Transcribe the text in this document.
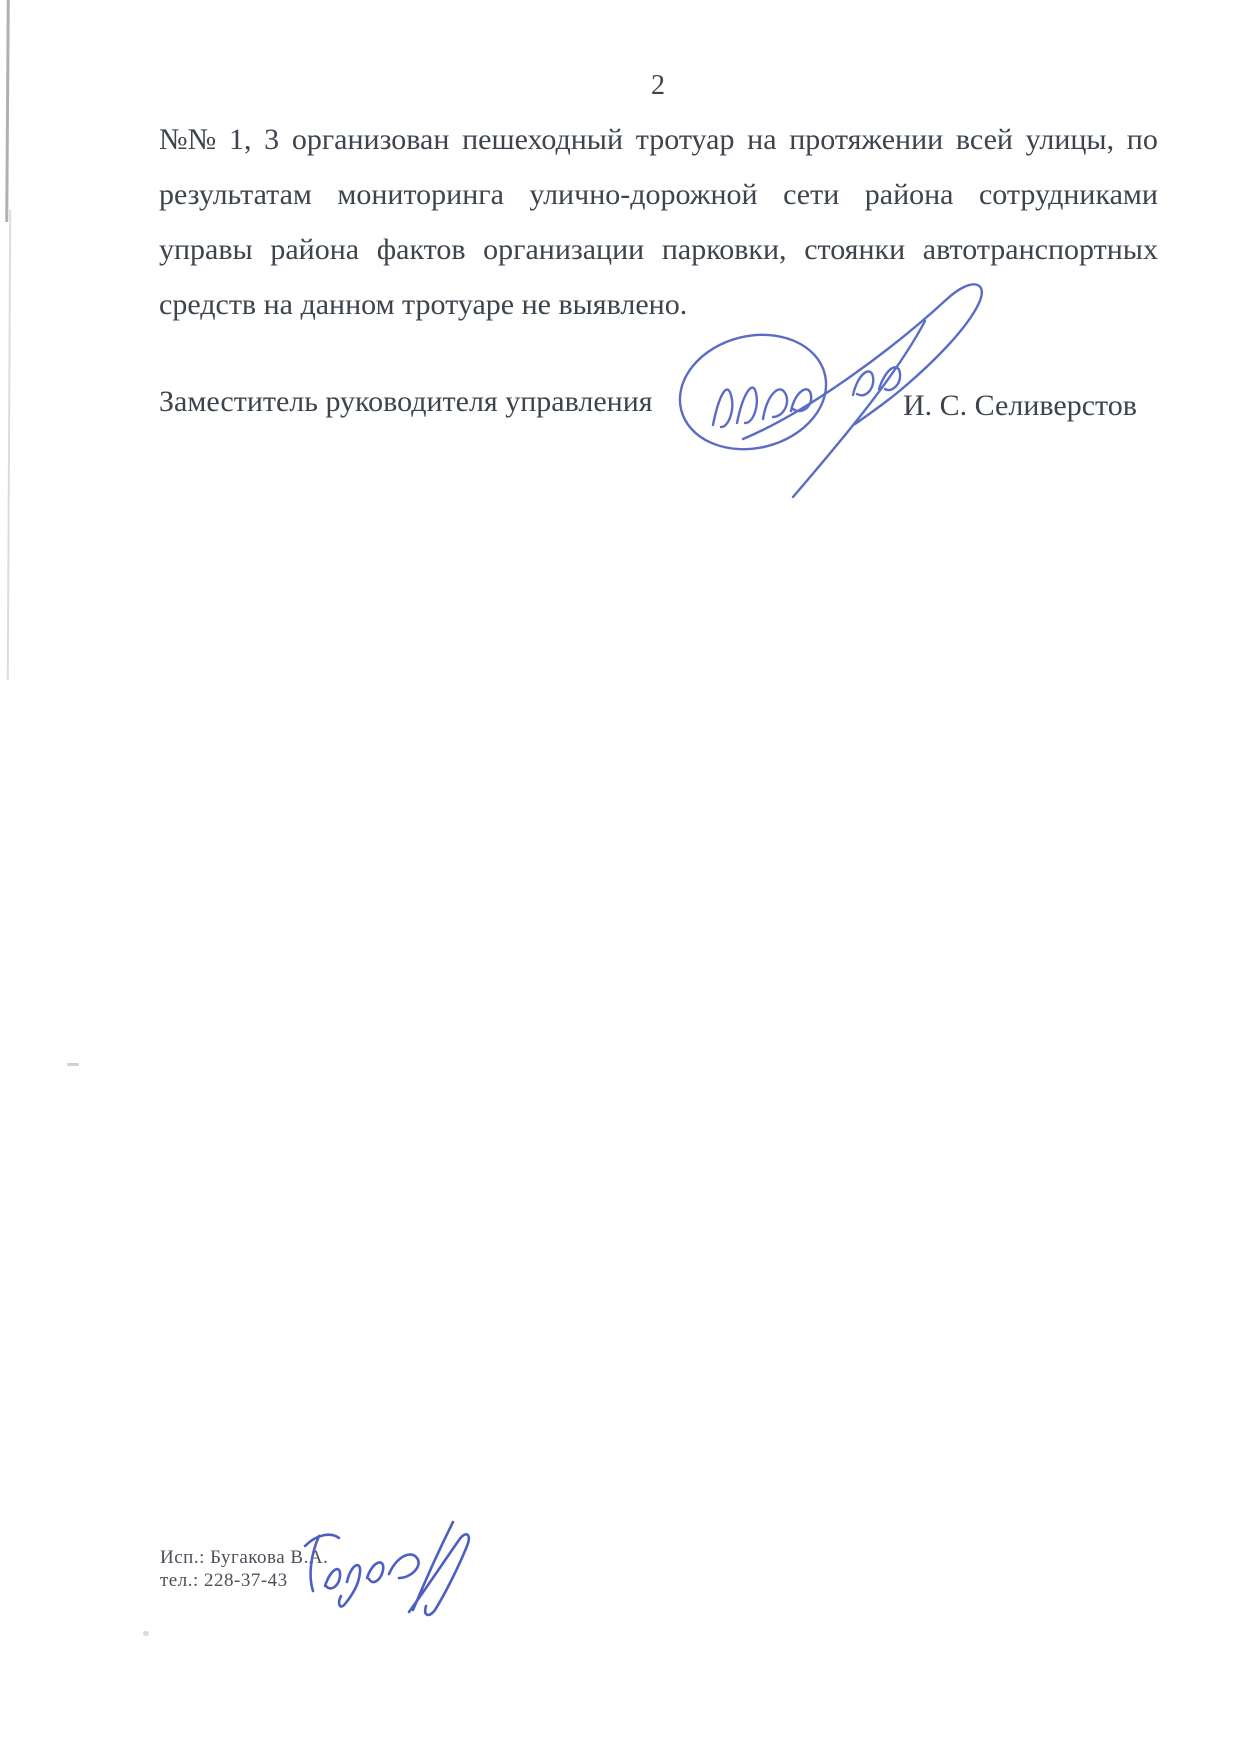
2
№№ 1, 3 организован пешеходный тротуар на протяжении всей улицы, по
результатам мониторинга улично-дорожной сети района сотрудниками
управы района фактов организации парковки, стоянки автотранспортных
средств на данном тротуаре не выявлено.
Заместитель руководителя управления	И. С. Селиверстов
Исп.: Бугакова В.А.
тел.: 228-37-43
